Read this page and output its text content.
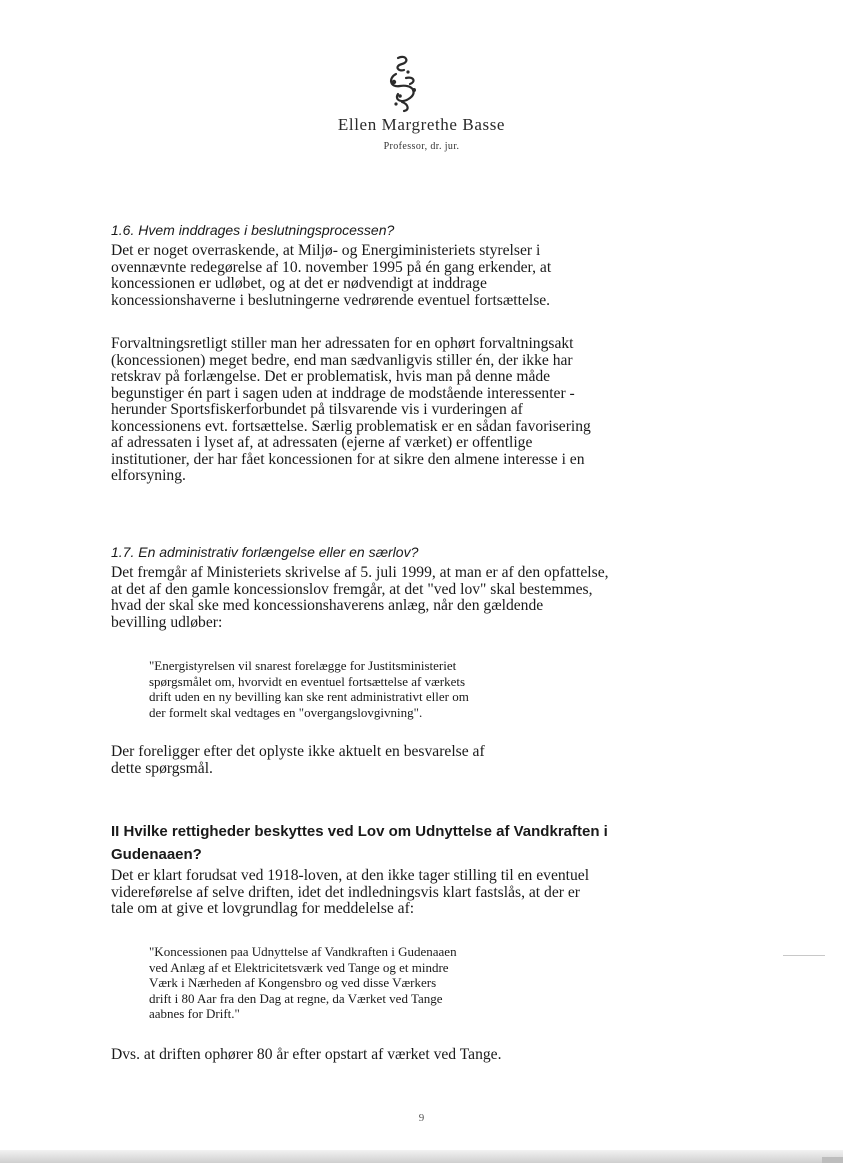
Ellen Margrethe Basse
Professor, dr. jur.
1.6. Hvem inddrages i beslutningsprocessen?
Det er noget overraskende, at Miljø- og Energiministeriets styrelser i
ovennævnte redegørelse af 10. november 1995 på én gang erkender, at
koncessionen er udløbet, og at det er nødvendigt at inddrage
koncessionshaverne i beslutningerne vedrørende eventuel fortsættelse.
Forvaltningsretligt stiller man her adressaten for en ophørt forvaltningsakt
(koncessionen) meget bedre, end man sædvanligvis stiller én, der ikke har
retskrav på forlængelse. Det er problematisk, hvis man på denne måde
begunstiger én part i sagen uden at inddrage de modstående interessenter -
herunder Sportsfiskerforbundet på tilsvarende vis i vurderingen af
koncessionens evt. fortsættelse. Særlig problematisk er en sådan favorisering
af adressaten i lyset af, at adressaten (ejerne af værket) er offentlige
institutioner, der har fået koncessionen for at sikre den almene interesse i en
elforsyning.
1.7. En administrativ forlængelse eller en særlov?
Det fremgår af Ministeriets skrivelse af 5. juli 1999, at man er af den opfattelse,
at det af den gamle koncessionslov fremgår, at det "ved lov" skal bestemmes,
hvad der skal ske med koncessionshaverens anlæg, når den gældende
bevilling udløber:
"Energistyrelsen vil snarest forelægge for Justitsministeriet
spørgsmålet om, hvorvidt en eventuel fortsættelse af værkets
drift uden en ny bevilling kan ske rent administrativt eller om
der formelt skal vedtages en "overgangslovgivning".
Der foreligger efter det oplyste ikke aktuelt en besvarelse af
dette spørgsmål.
II Hvilke rettigheder beskyttes ved Lov om Udnyttelse af Vandkraften i Gudenaaen?
Det er klart forudsat ved 1918-loven, at den ikke tager stilling til en eventuel
videreførelse af selve driften, idet det indledningsvis klart fastslås, at der er
tale om at give et lovgrundlag for meddelelse af:
"Koncessionen paa Udnyttelse af Vandkraften i Gudenaaen
ved Anlæg af et Elektricitetsværk ved Tange og et mindre
Værk i Nærheden af Kongensbro og ved disse Værkers
drift i 80 Aar fra den Dag at regne, da Værket ved Tange
aabnes for Drift."
Dvs. at driften ophører 80 år efter opstart af værket ved Tange.
9
